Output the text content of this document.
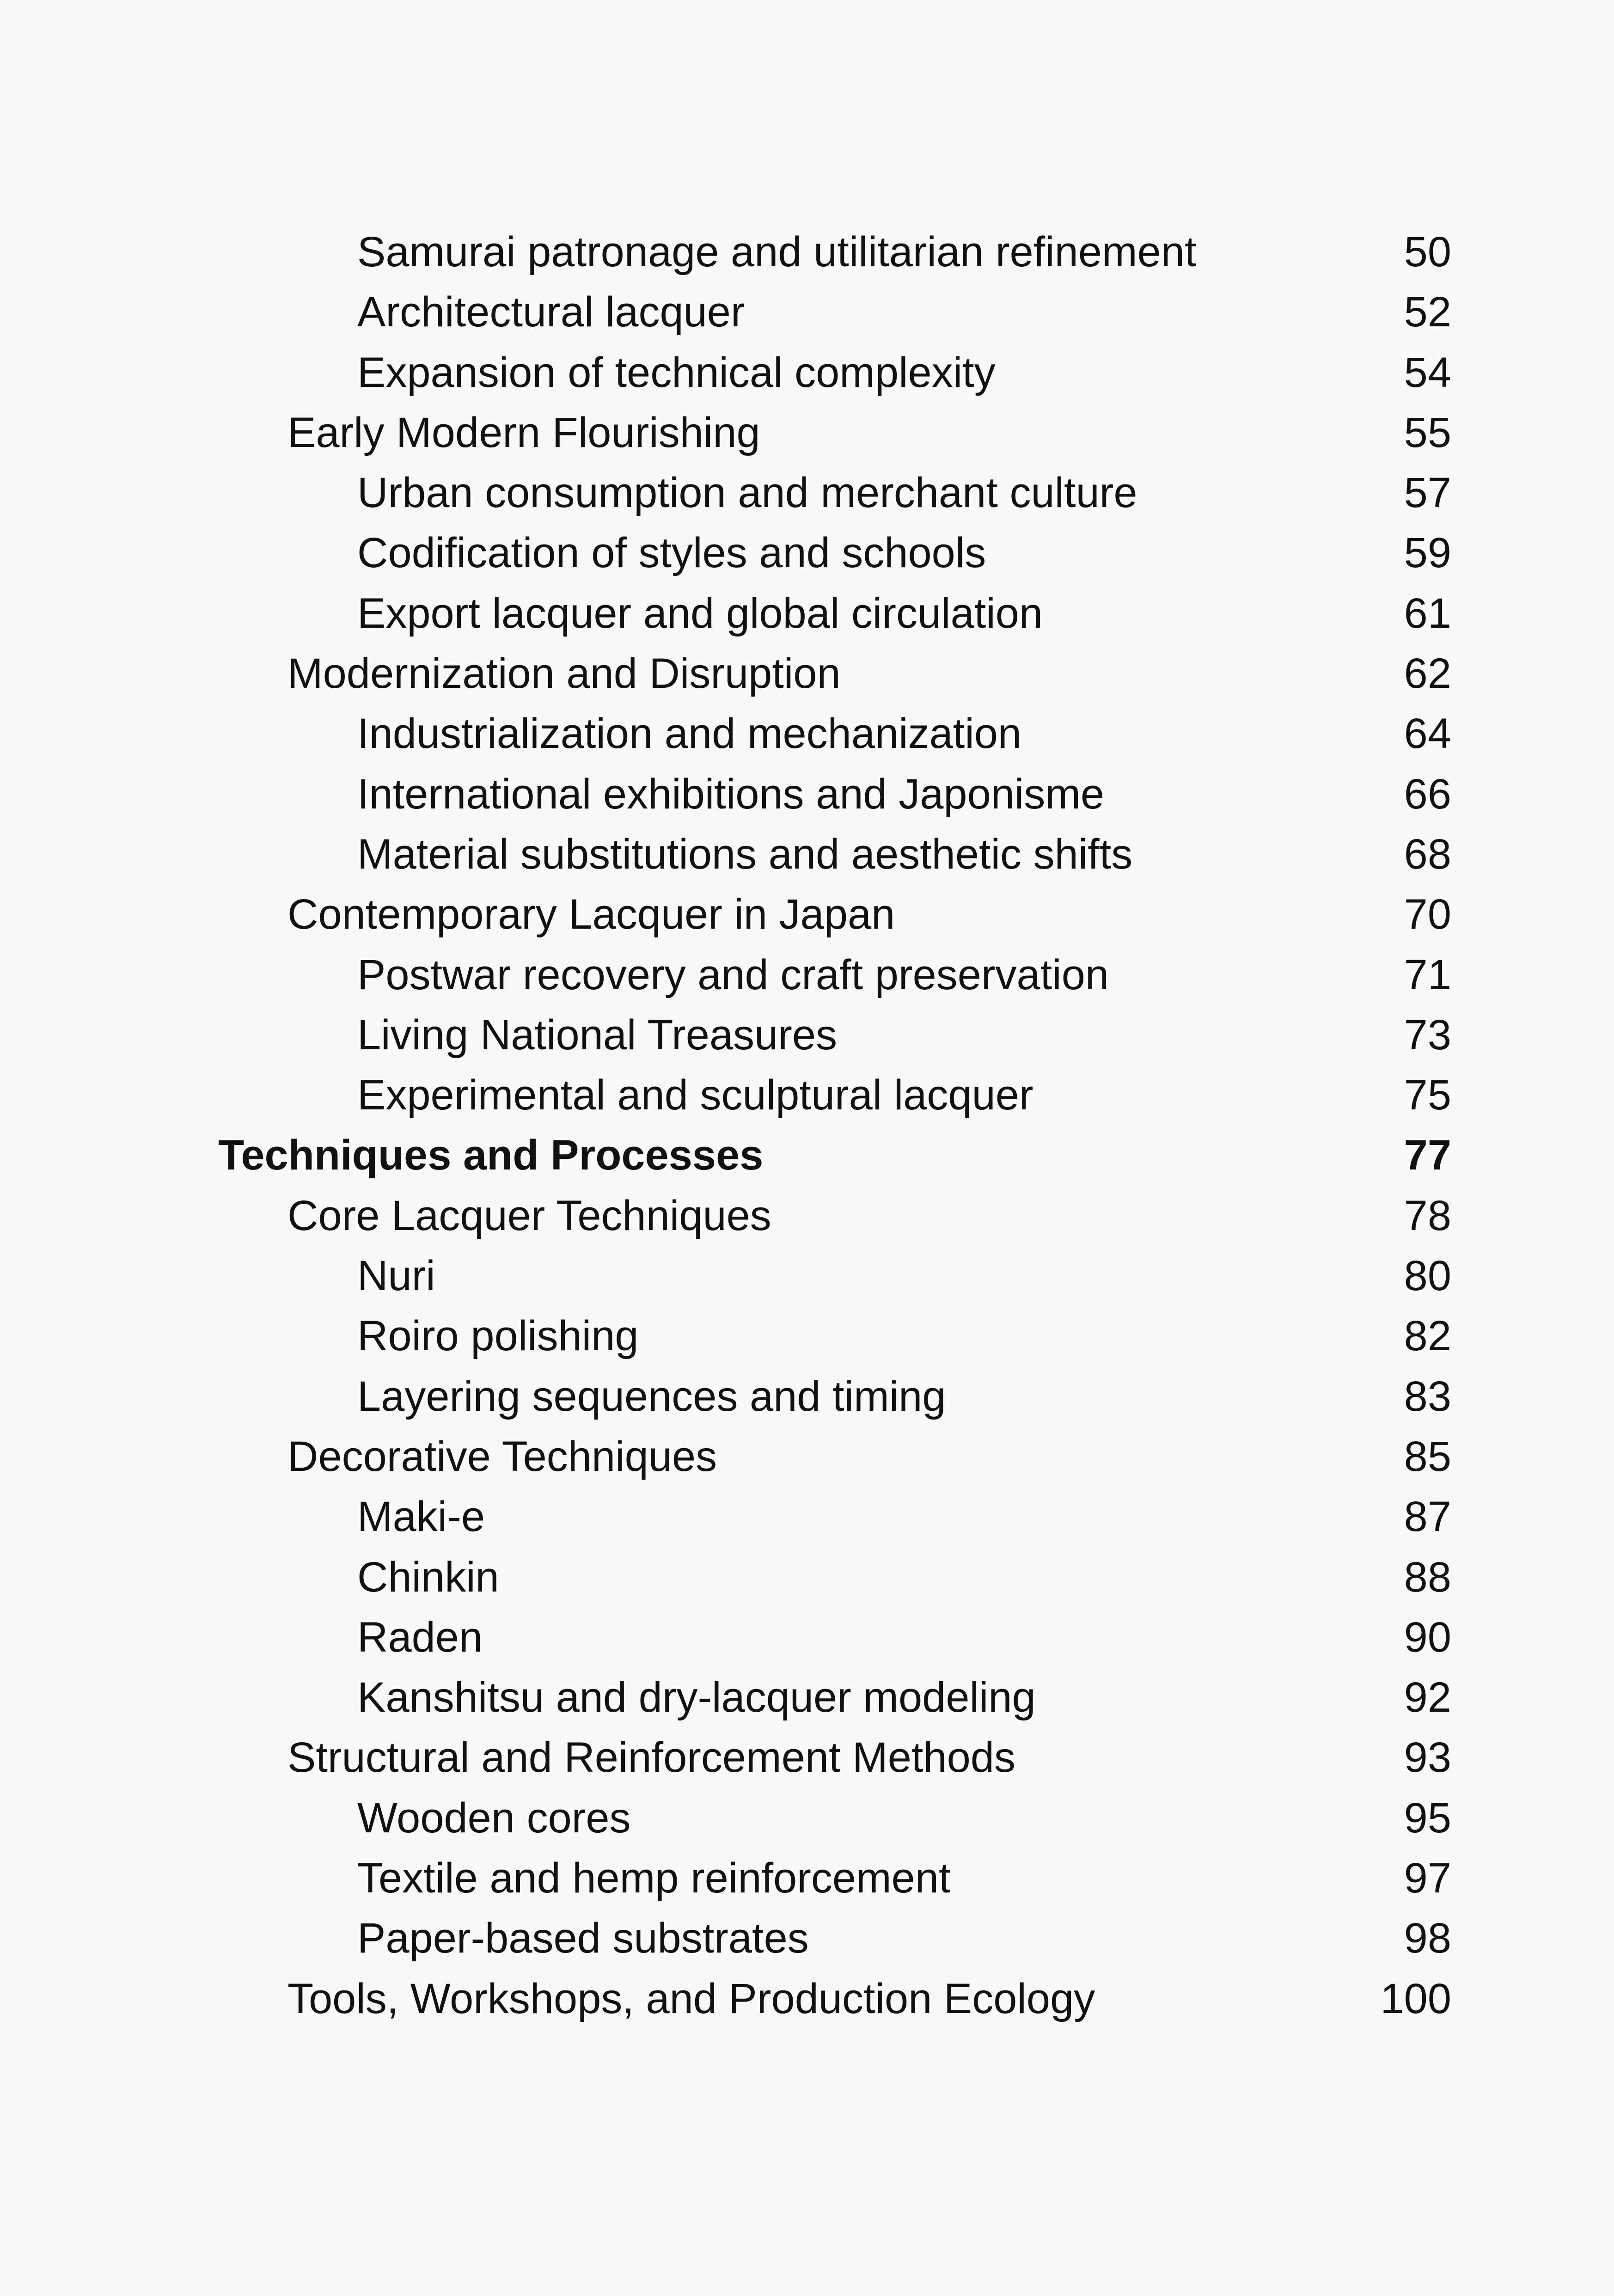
Samurai patronage and utilitarian refinement	50
Architectural lacquer	52
Expansion of technical complexity	54
Early Modern Flourishing	55
Urban consumption and merchant culture	57
Codification of styles and schools	59
Export lacquer and global circulation	61
Modernization and Disruption	62
Industrialization and mechanization	64
International exhibitions and Japonisme	66
Material substitutions and aesthetic shifts	68
Contemporary Lacquer in Japan	70
Postwar recovery and craft preservation	71
Living National Treasures	73
Experimental and sculptural lacquer	75
Techniques and Processes	77
Core Lacquer Techniques	78
Nuri	80
Roiro polishing	82
Layering sequences and timing	83
Decorative Techniques	85
Maki-e	87
Chinkin	88
Raden	90
Kanshitsu and dry-lacquer modeling	92
Structural and Reinforcement Methods	93
Wooden cores	95
Textile and hemp reinforcement	97
Paper-based substrates	98
Tools, Workshops, and Production Ecology	100
